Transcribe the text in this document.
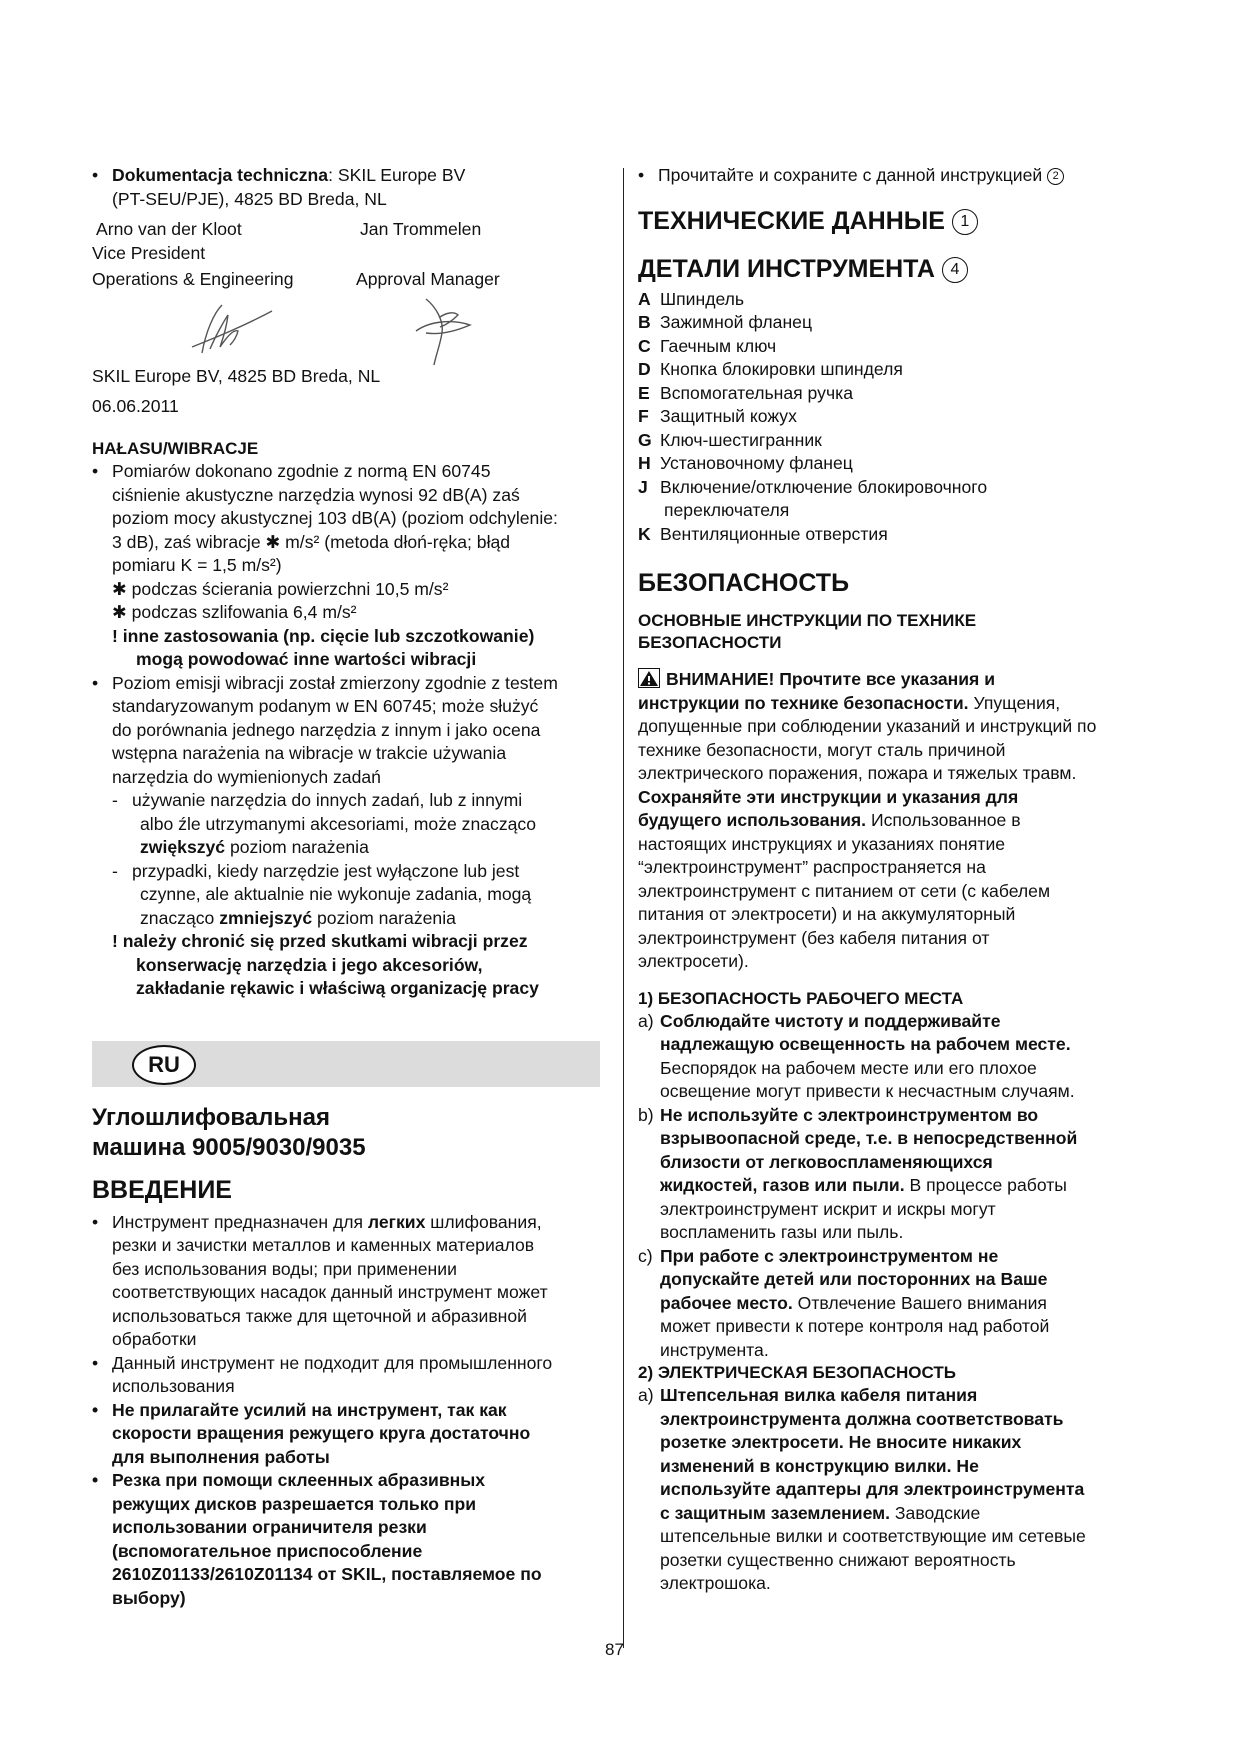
• Dokumentacja techniczna: SKIL Europe BV
(PT-SEU/PJE), 4825 BD Breda, NL
Arno van der Kloot	Jan Trommelen
Vice President
Operations & Engineering	Approval Manager

SKIL Europe BV, 4825 BD Breda, NL

06.06.2011

HAŁASU/WIBRACJE

• Pomiarów dokonano zgodnie z normą EN 60745
ciśnienie akustyczne narzędzia wynosi 92 dB(A) zaś
poziom mocy akustycznej 103 dB(A) (poziom odchylenie:
3 dB), zaś wibracje ✱ m/s² (metoda dłoń-ręka; błąd
pomiaru K = 1,5 m/s²)
✱ podczas ścierania powierzchni 10,5 m/s²
✱ podczas szlifowania 6,4 m/s²
! inne zastosowania (np. cięcie lub szczotkowanie)
mogą powodować inne wartości wibracji
• Poziom emisji wibracji został zmierzony zgodnie z testem
standaryzowanym podanym w EN 60745; może służyć
do porównania jednego narzędzia z innym i jako ocena
wstępna narażenia na wibracje w trakcie używania
narzędzia do wymienionych zadań
- używanie narzędzia do innych zadań, lub z innymi
albo źle utrzymanymi akcesoriami, może znacząco
zwiększyć poziom narażenia
- przypadki, kiedy narzędzie jest wyłączone lub jest
czynne, ale aktualnie nie wykonuje zadania, mogą
znacząco zmniejszyć poziom narażenia
! należy chronić się przed skutkami wibracji przez
konserwację narzędzia i jego akcesoriów,
zakładanie rękawic i właściwą organizację pracy
RU

Углошлифовальная

машина 9005/9030/9035

ВВЕДЕНИЕ

• Инструмент предназначен для легких шлифования,
резки и зачистки металлов и каменных материалов
без использования воды; при применении
соответствующих насадок данный инструмент может
использоваться также для щеточной и абразивной
обработки
• Данный инструмент не подходит для промышленного
использования
• Не прилагайте усилий на инструмент, так как
скорости вращения режущего круга достаточно
для выполнения работы
• Резка при помощи склеенных абразивных
режущих дисков разрешается только при
использовании ограничителя резки
(вспомогательное приспособление
2610Z01133/2610Z01134 от SKIL, поставляемое по
выбору)
• Прочитайте и сохраните с данной инструкцией 2

ТЕХНИЧЕСКИЕ ДАННЫЕ 1

ДЕТАЛИ ИНСТРУМЕНТА 4

A Шпиндель
B Зажимной фланец
C Гаечным ключ
D Кнопка блокировки шпинделя
E Вспомогательная ручка
F Защитный кожух
G Ключ-шестигранник
H Установочному фланец
J Включение/отключение блокировочного
переключателя
K Вентиляционные отверстия

БЕЗОПАСНОСТЬ

ОСНОВНЫЕ ИНСТРУКЦИИ ПО ТЕХНИКЕ

БЕЗОПАСНОСТИ

ВНИМАНИЕ! Прочтите все указания и
инструкции по технике безопасности. Упущения,
допущенные при соблюдении указаний и инструкций по
технике безопасности, могут сталь причиной
электрического поражения, пожара и тяжелых травм.
Сохраняйте эти инструкции и указания для
будущего использования. Использованное в
настоящих инструкциях и указаниях понятие
“электроинструмент” распространяется на
электроинструмент с питанием от сети (с кабелем
питания от электросети) и на аккумуляторный
электроинструмент (без кабеля питания от
электросети).

1) БЕЗОПАСНОСТЬ РАБОЧЕГО МЕСТА

a) Соблюдайте чистоту и поддерживайте
надлежащую освещенность на рабочем месте.
Беспорядок на рабочем месте или его плохое
освещение могут привести к несчастным случаям.
b) Не используйте с электроинструментом во
взрывоопасной среде, т.е. в непосредственной
близости от легковоспламеняющихся
жидкостей, газов или пыли. В процессе работы
электроинструмент искрит и искры могут
воспламенить газы или пыль.
c) При работе с электроинструментом не
допускайте детей или посторонних на Ваше
рабочее место. Отвлечение Вашего внимания
может привести к потере контроля над работой
инструмента.

2) ЭЛЕКТРИЧЕСКАЯ БЕЗОПАСНОСТЬ

a) Штепсельная вилка кабеля питания
электроинструмента должна соответствовать
розетке электросети. Не вносите никаких
изменений в конструкцию вилки. Не
используйте адаптеры для электроинструмента
с защитным заземлением. Заводские
штепсельные вилки и соответствующие им сетевые
розетки существенно снижают вероятность
электрошока.
87
